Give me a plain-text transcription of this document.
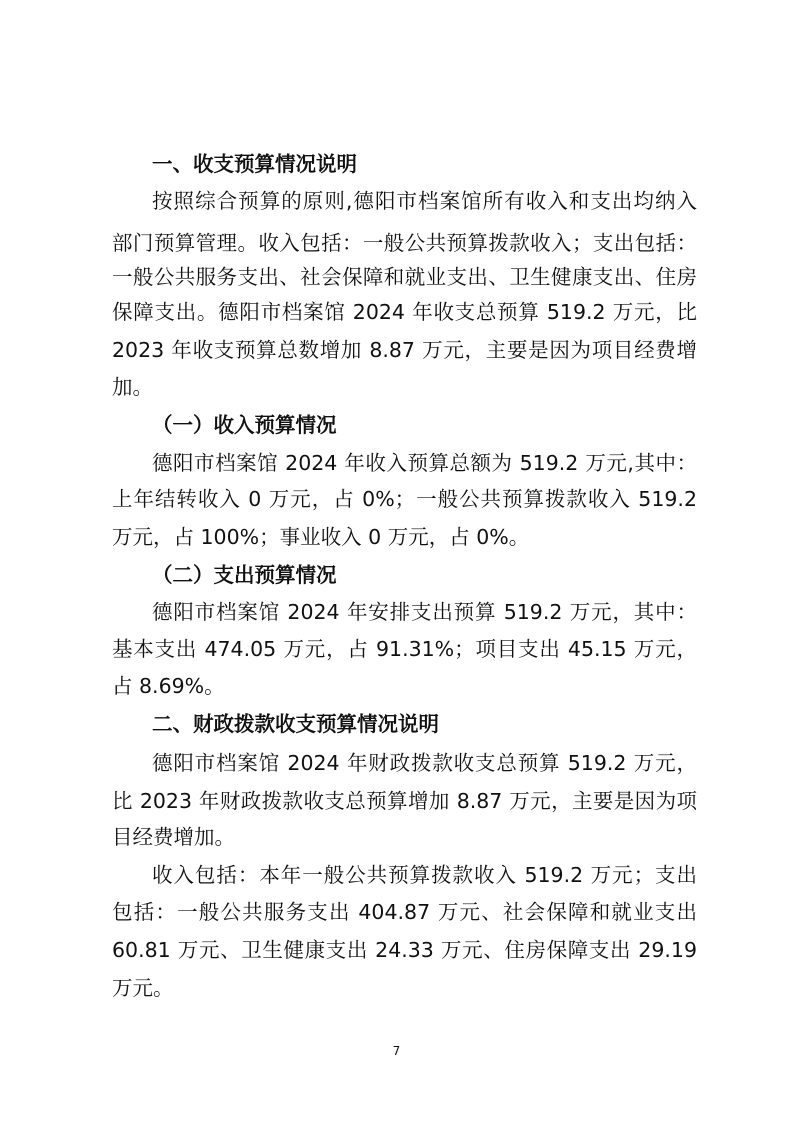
一、收支预算情况说明
按照综合预算的原则,德阳市档案馆所有收入和支出均纳入
部门预算管理。收入包括：一般公共预算拨款收入；支出包括：
一般公共服务支出、社会保障和就业支出、卫生健康支出、住房
保障支出。德阳市档案馆 2024 年收支总预算 519.2 万元，比
2023 年收支预算总数增加 8.87 万元，主要是因为项目经费增
加。
（一）收入预算情况
德阳市档案馆 2024 年收入预算总额为 519.2 万元,其中：
上年结转收入 0 万元，占 0%；一般公共预算拨款收入 519.2
万元，占 100%；事业收入 0 万元，占 0%。
（二）支出预算情况
德阳市档案馆 2024 年安排支出预算 519.2 万元，其中：
基本支出 474.05 万元，占 91.31%；项目支出 45.15 万元，
占 8.69%。
二、财政拨款收支预算情况说明
德阳市档案馆 2024 年财政拨款收支总预算 519.2 万元，
比 2023 年财政拨款收支总预算增加 8.87 万元，主要是因为项
目经费增加。
收入包括：本年一般公共预算拨款收入 519.2 万元；支出
包括：一般公共服务支出 404.87 万元、社会保障和就业支出
60.81 万元、卫生健康支出 24.33 万元、住房保障支出 29.19
万元。
7
